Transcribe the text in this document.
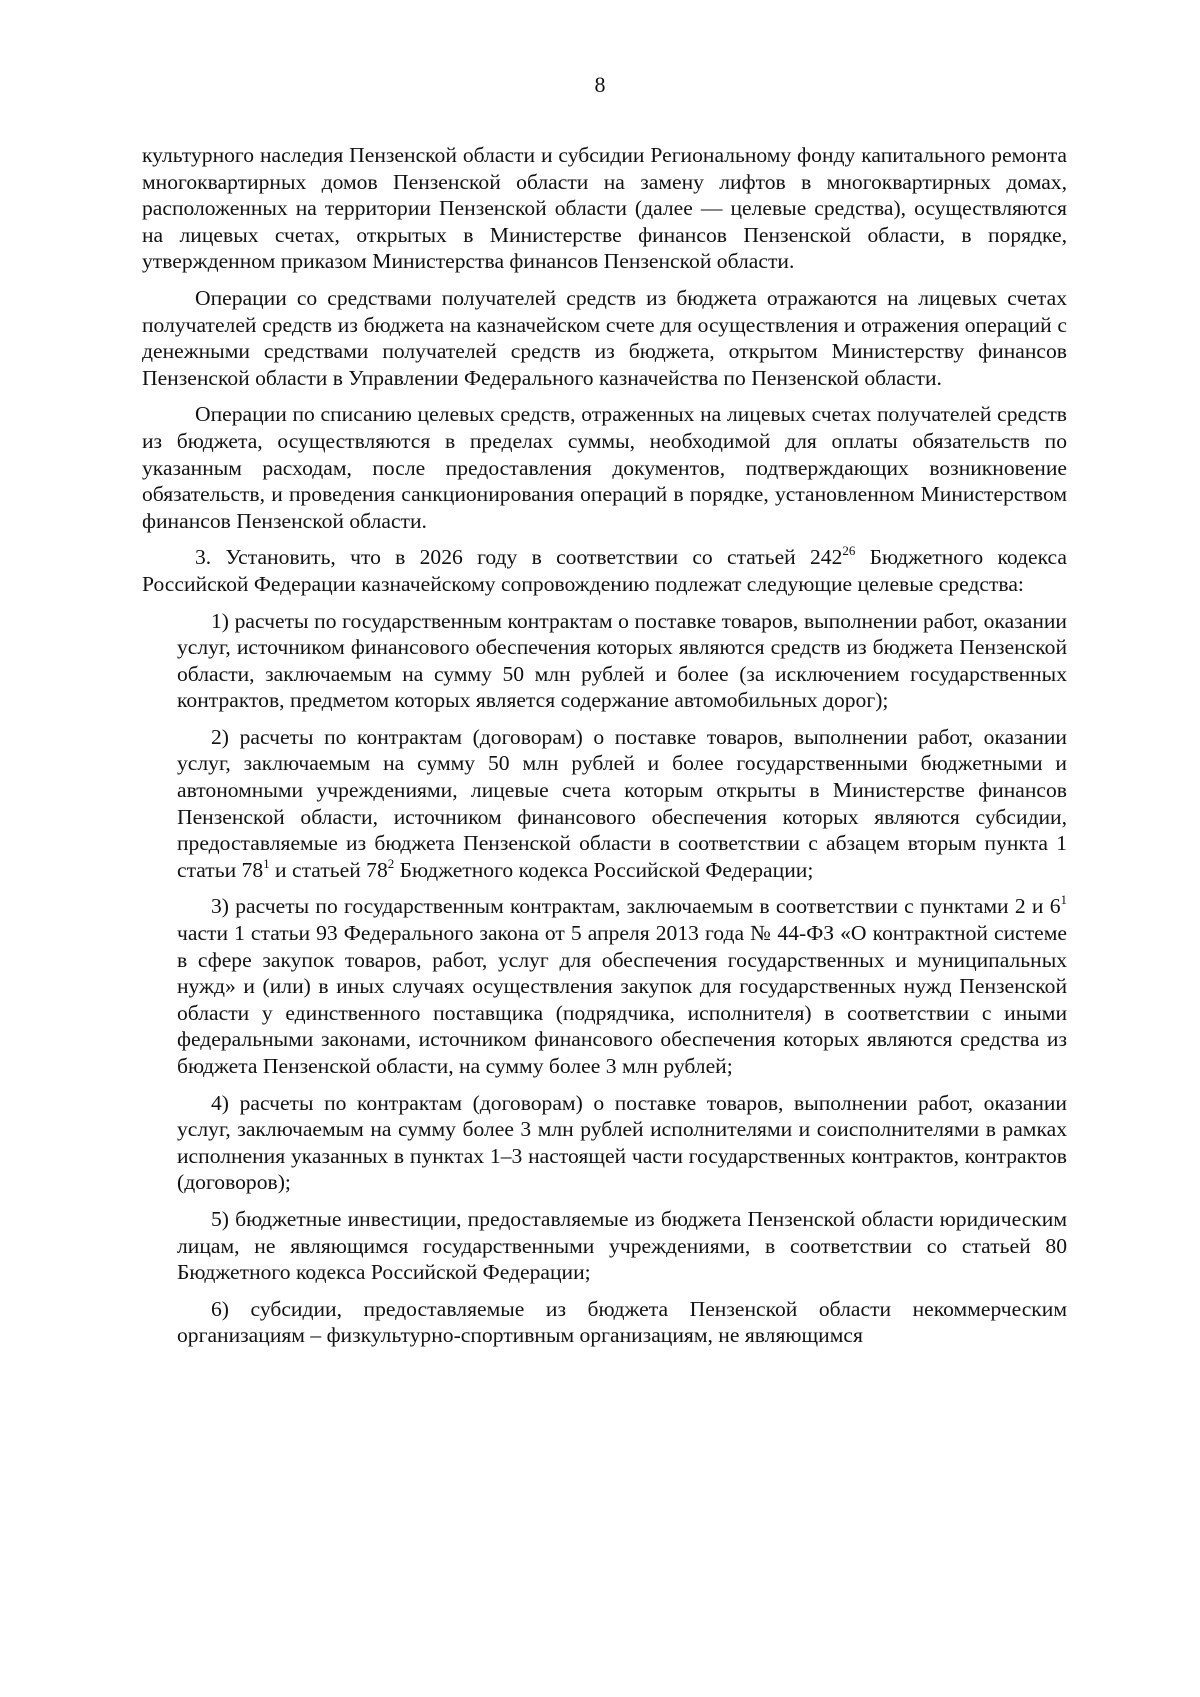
8

культурного наследия Пензенской области и субсидии Региональному фонду капитального ремонта многоквартирных домов Пензенской области на замену лифтов в многоквартирных домах, расположенных на территории Пензенской области (далее — целевые средства), осуществляются на лицевых счетах, открытых в Министерстве финансов Пензенской области, в порядке, утвержденном приказом Министерства финансов Пензенской области.

Операции со средствами получателей средств из бюджета отражаются на лицевых счетах получателей средств из бюджета на казначейском счете для осуществления и отражения операций с денежными средствами получателей средств из бюджета, открытом Министерству финансов Пензенской области в Управлении Федерального казначейства по Пензенской области.

Операции по списанию целевых средств, отраженных на лицевых счетах получателей средств из бюджета, осуществляются в пределах суммы, необходимой для оплаты обязательств по указанным расходам, после предоставления документов, подтверждающих возникновение обязательств, и проведения санкционирования операций в порядке, установленном Министерством финансов Пензенской области.

3. Установить, что в 2026 году в соответствии со статьей $242^{26}$ Бюджетного кодекса Российской Федерации казначейскому сопровождению подлежат следующие целевые средства:

1) расчеты по государственным контрактам о поставке товаров, выполнении работ, оказании услуг, источником финансового обеспечения которых являются средств из бюджета Пензенской области, заключаемым на сумму 50 млн рублей и более (за исключением государственных контрактов, предметом которых является содержание автомобильных дорог);

2) расчеты по контрактам (договорам) о поставке товаров, выполнении работ, оказании услуг, заключаемым на сумму 50 млн рублей и более государственными бюджетными и автономными учреждениями, лицевые счета которым открыты в Министерстве финансов Пензенской области, источником финансового обеспечения которых являются субсидии, предоставляемые из бюджета Пензенской области в соответствии с абзацем вторым пункта 1 статьи $78^1$ и статьей $78^2$ Бюджетного кодекса Российской Федерации;

3) расчеты по государственным контрактам, заключаемым в соответствии с пунктами 2 и $6^1$ части 1 статьи 93 Федерального закона от 5 апреля 2013 года № 44-ФЗ «О контрактной системе в сфере закупок товаров, работ, услуг для обеспечения государственных и муниципальных нужд» и (или) в иных случаях осуществления закупок для государственных нужд Пензенской области у единственного поставщика (подрядчика, исполнителя) в соответствии с иными федеральными законами, источником финансового обеспечения которых являются средства из бюджета Пензенской области, на сумму более 3 млн рублей;

4) расчеты по контрактам (договорам) о поставке товаров, выполнении работ, оказании услуг, заключаемым на сумму более 3 млн рублей исполнителями и соисполнителями в рамках исполнения указанных в пунктах 1–3 настоящей части государственных контрактов, контрактов (договоров);

5) бюджетные инвестиции, предоставляемые из бюджета Пензенской области юридическим лицам, не являющимся государственными учреждениями, в соответствии со статьей 80 Бюджетного кодекса Российской Федерации;

6) субсидии, предоставляемые из бюджета Пензенской области некоммерческим организациям – физкультурно-спортивным организациям, не являющимся
